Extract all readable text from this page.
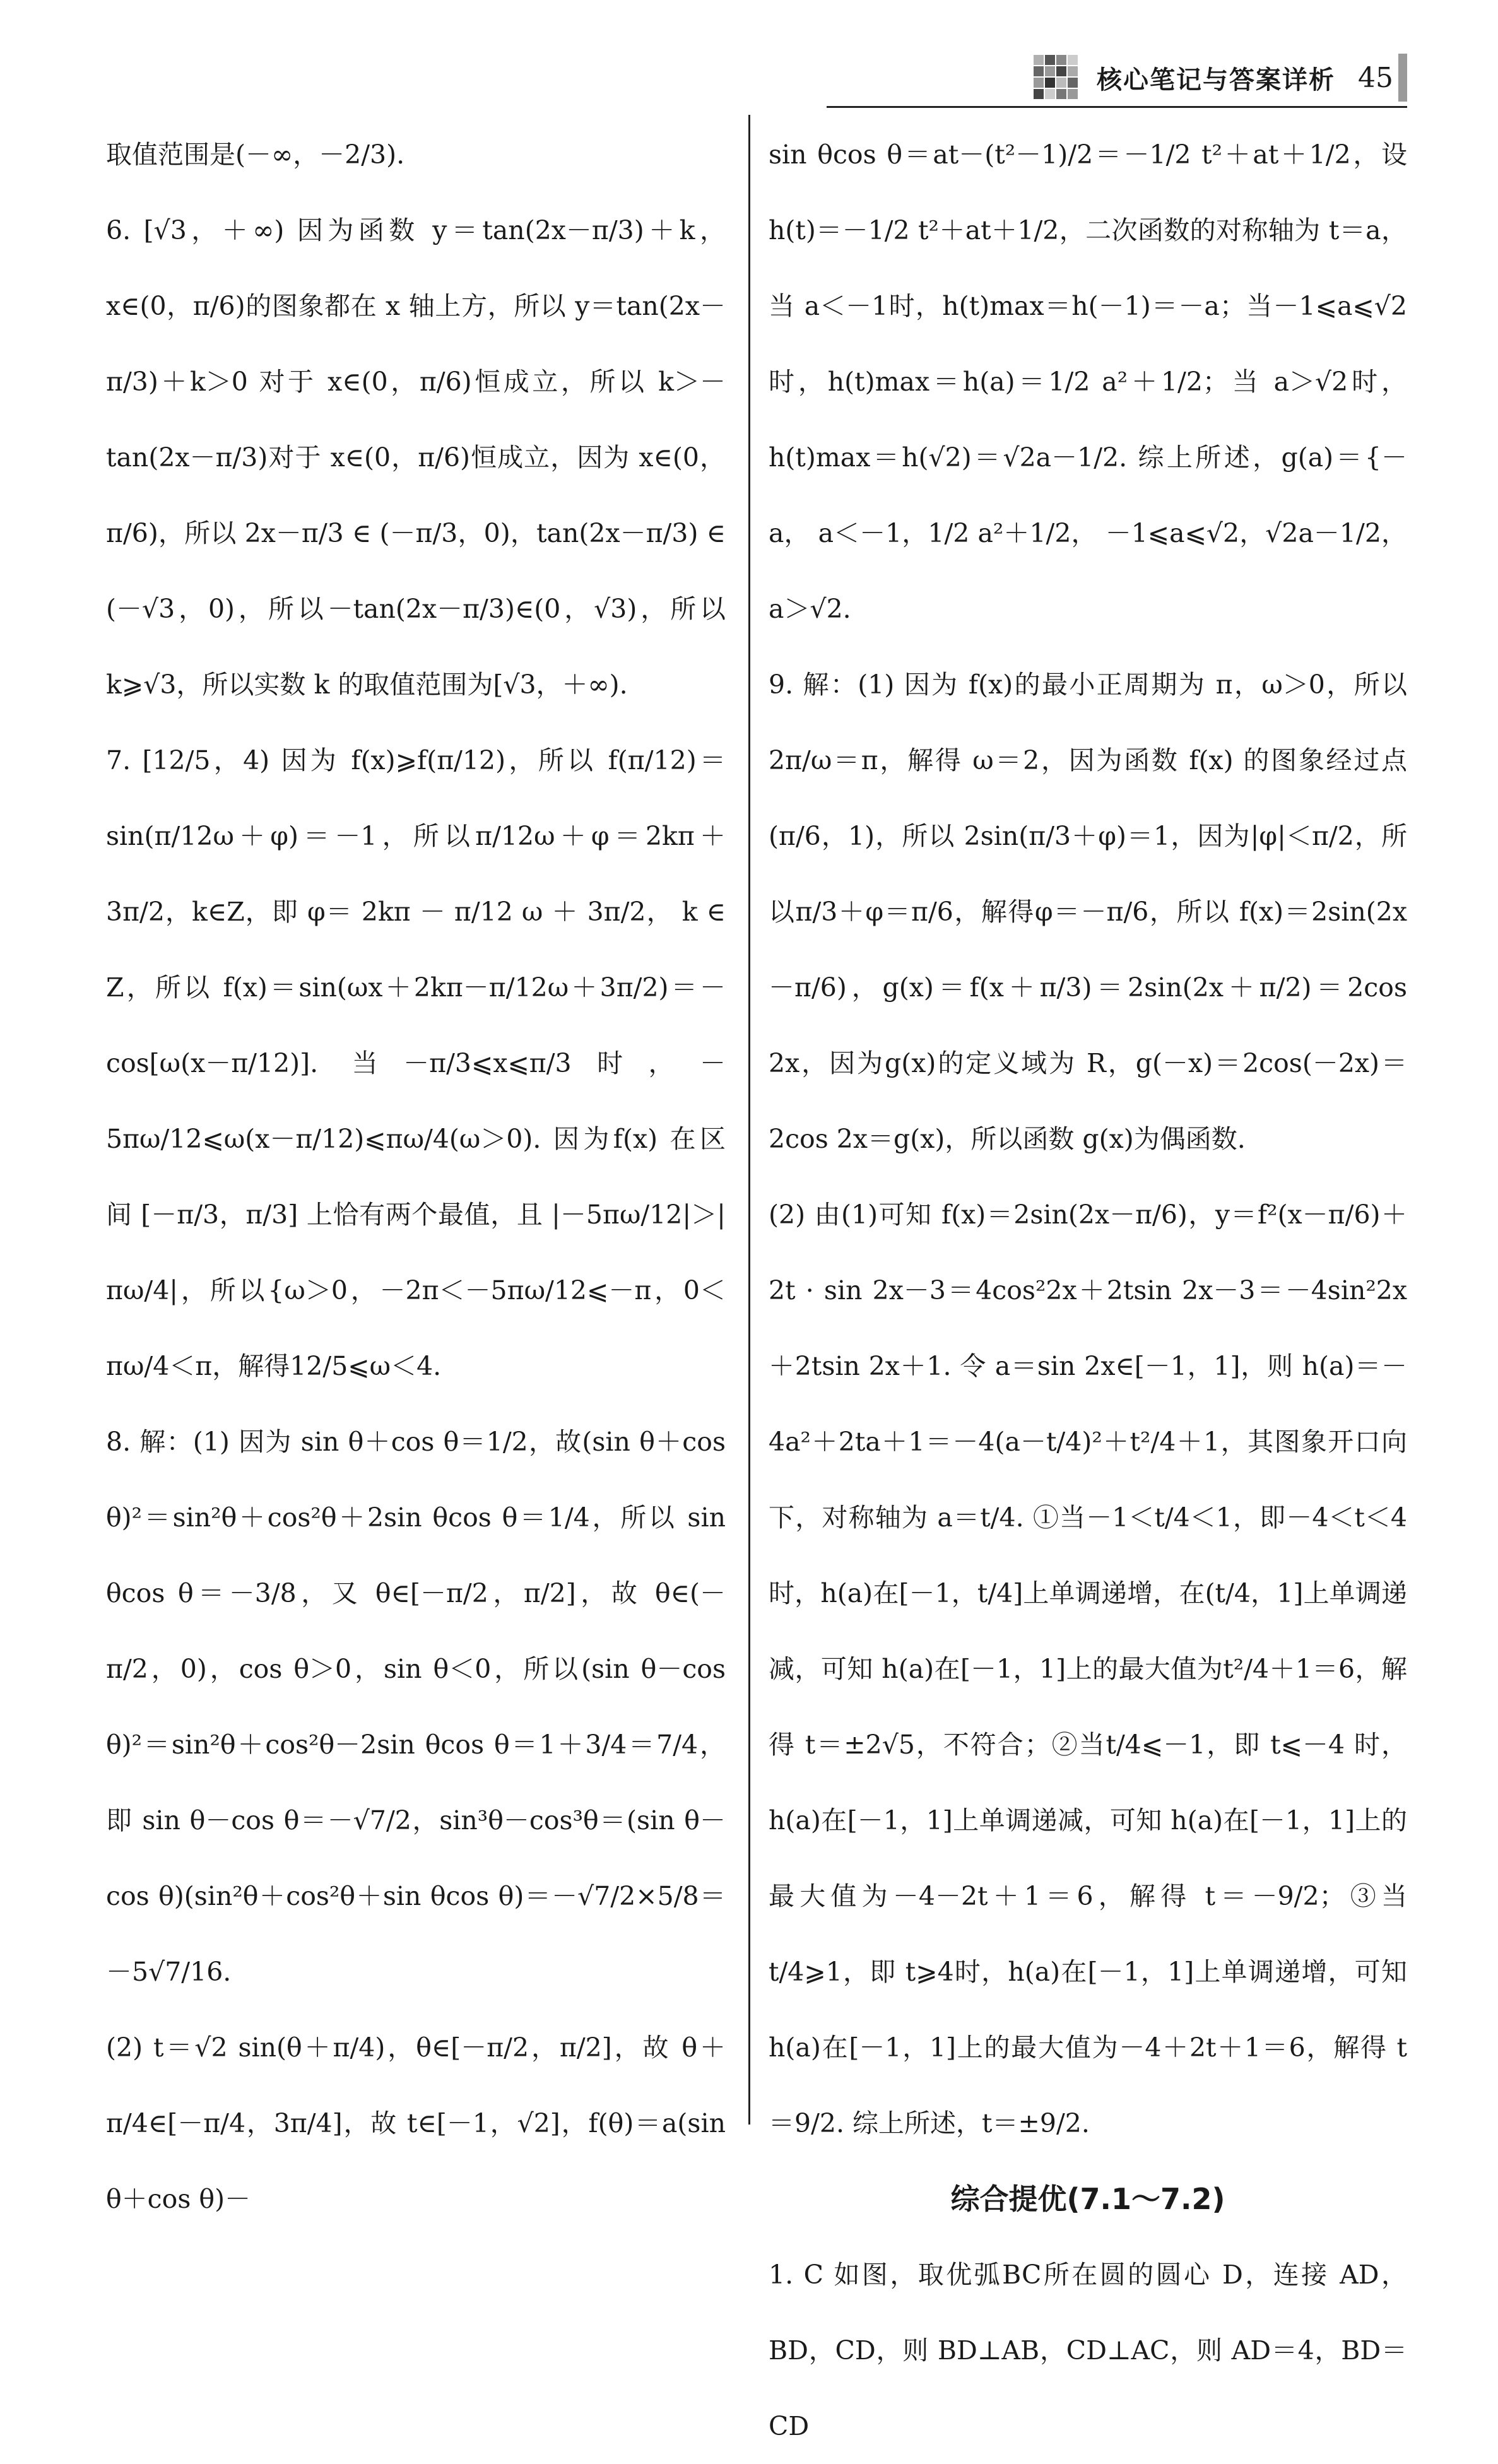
核心笔记与答案详析 45

取值范围是(－∞，－2/3).

6. [√3，＋∞) 因为函数 y＝tan(2x－π/3)＋k，x∈(0，π/6)的图象都在 x 轴上方，所以 y＝tan(2x－π/3)＋k＞0 对于 x∈(0，π/6)恒成立，所以 k＞－tan(2x－π/3)对于 x∈(0，π/6)恒成立，因为 x∈(0，π/6)，所以 2x－π/3 ∈ (－π/3，0)，tan(2x－π/3) ∈ (－√3，0)，所以－tan(2x－π/3)∈(0，√3)，所以 k⩾√3，所以实数 k 的取值范围为[√3，＋∞).

7. [12/5，4) 因为 f(x)⩾f(π/12)，所以 f(π/12)＝sin(π/12ω＋φ)＝－1，所以π/12ω＋φ＝2kπ＋3π/2，k∈Z，即 φ＝ 2kπ － π/12 ω ＋ 3π/2， k ∈ Z，所以 f(x)＝sin(ωx＋2kπ－π/12ω＋3π/2)＝－cos[ω(x－π/12)]. 当－π/3⩽x⩽π/3时，－5πω/12⩽ω(x－π/12)⩽πω/4(ω＞0). 因为f(x) 在区间 [－π/3，π/3] 上恰有两个最值，且 |－5πω/12|＞|πω/4|，所以{ω＞0，－2π＜－5πω/12⩽－π，0＜πω/4＜π，解得12/5⩽ω＜4.

8. 解：(1) 因为 sin θ＋cos θ＝1/2，故(sin θ＋cos θ)²＝sin²θ＋cos²θ＋2sin θcos θ＝1/4，所以 sin θcos θ＝－3/8，又 θ∈[－π/2，π/2]，故 θ∈(－π/2，0)，cos θ＞0，sin θ＜0，所以(sin θ－cos θ)²＝sin²θ＋cos²θ－2sin θcos θ＝1＋3/4＝7/4，即 sin θ－cos θ＝－√7/2，sin³θ－cos³θ＝(sin θ－cos θ)(sin²θ＋cos²θ＋sin θcos θ)＝－√7/2×5/8＝－5√7/16.

(2) t＝√2 sin(θ＋π/4)，θ∈[－π/2，π/2]，故 θ＋π/4∈[－π/4，3π/4]，故 t∈[－1，√2]，f(θ)＝a(sin θ＋cos θ)－

sin θcos θ＝at－(t²－1)/2＝－1/2 t²＋at＋1/2，设 h(t)＝－1/2 t²＋at＋1/2，二次函数的对称轴为 t＝a，当 a＜－1时，h(t)max＝h(－1)＝－a；当－1⩽a⩽√2时，h(t)max＝h(a)＝1/2 a²＋1/2；当 a＞√2时，h(t)max＝h(√2)＝√2a－1/2. 综上所述，g(a)＝{－a， a＜－1，1/2 a²＋1/2， －1⩽a⩽√2，√2a－1/2， a＞√2.

9. 解：(1) 因为 f(x)的最小正周期为 π，ω＞0，所以2π/ω＝π，解得 ω＝2，因为函数 f(x) 的图象经过点(π/6，1)，所以 2sin(π/3＋φ)＝1，因为|φ|＜π/2，所以π/3＋φ＝π/6，解得φ＝－π/6，所以 f(x)＝2sin(2x－π/6)，g(x)＝f(x＋π/3)＝2sin(2x＋π/2)＝2cos 2x，因为g(x)的定义域为 R，g(－x)＝2cos(－2x)＝2cos 2x＝g(x)，所以函数 g(x)为偶函数.

(2) 由(1)可知 f(x)＝2sin(2x－π/6)，y＝f²(x－π/6)＋2t · sin 2x－3＝4cos²2x＋2tsin 2x－3＝－4sin²2x＋2tsin 2x＋1. 令 a＝sin 2x∈[－1，1]，则 h(a)＝－4a²＋2ta＋1＝－4(a－t/4)²＋t²/4＋1，其图象开口向下，对称轴为 a＝t/4. ①当－1＜t/4＜1，即－4＜t＜4 时，h(a)在[－1，t/4]上单调递增，在(t/4，1]上单调递减，可知 h(a)在[－1，1]上的最大值为t²/4＋1＝6，解得 t＝±2√5，不符合；②当t/4⩽－1，即 t⩽－4 时，h(a)在[－1，1]上单调递减，可知 h(a)在[－1，1]上的最大值为－4－2t＋1＝6，解得 t＝－9/2；③当t/4⩾1，即 t⩾4时，h(a)在[－1，1]上单调递增，可知h(a)在[－1，1]上的最大值为－4＋2t＋1＝6，解得 t＝9/2. 综上所述，t＝±9/2.

综合提优(7.1～7.2)

1. C 如图，取优弧BC所在圆的圆心 D，连接 AD，BD，CD，则 BD⊥AB，CD⊥AC，则 AD＝4，BD＝CD
